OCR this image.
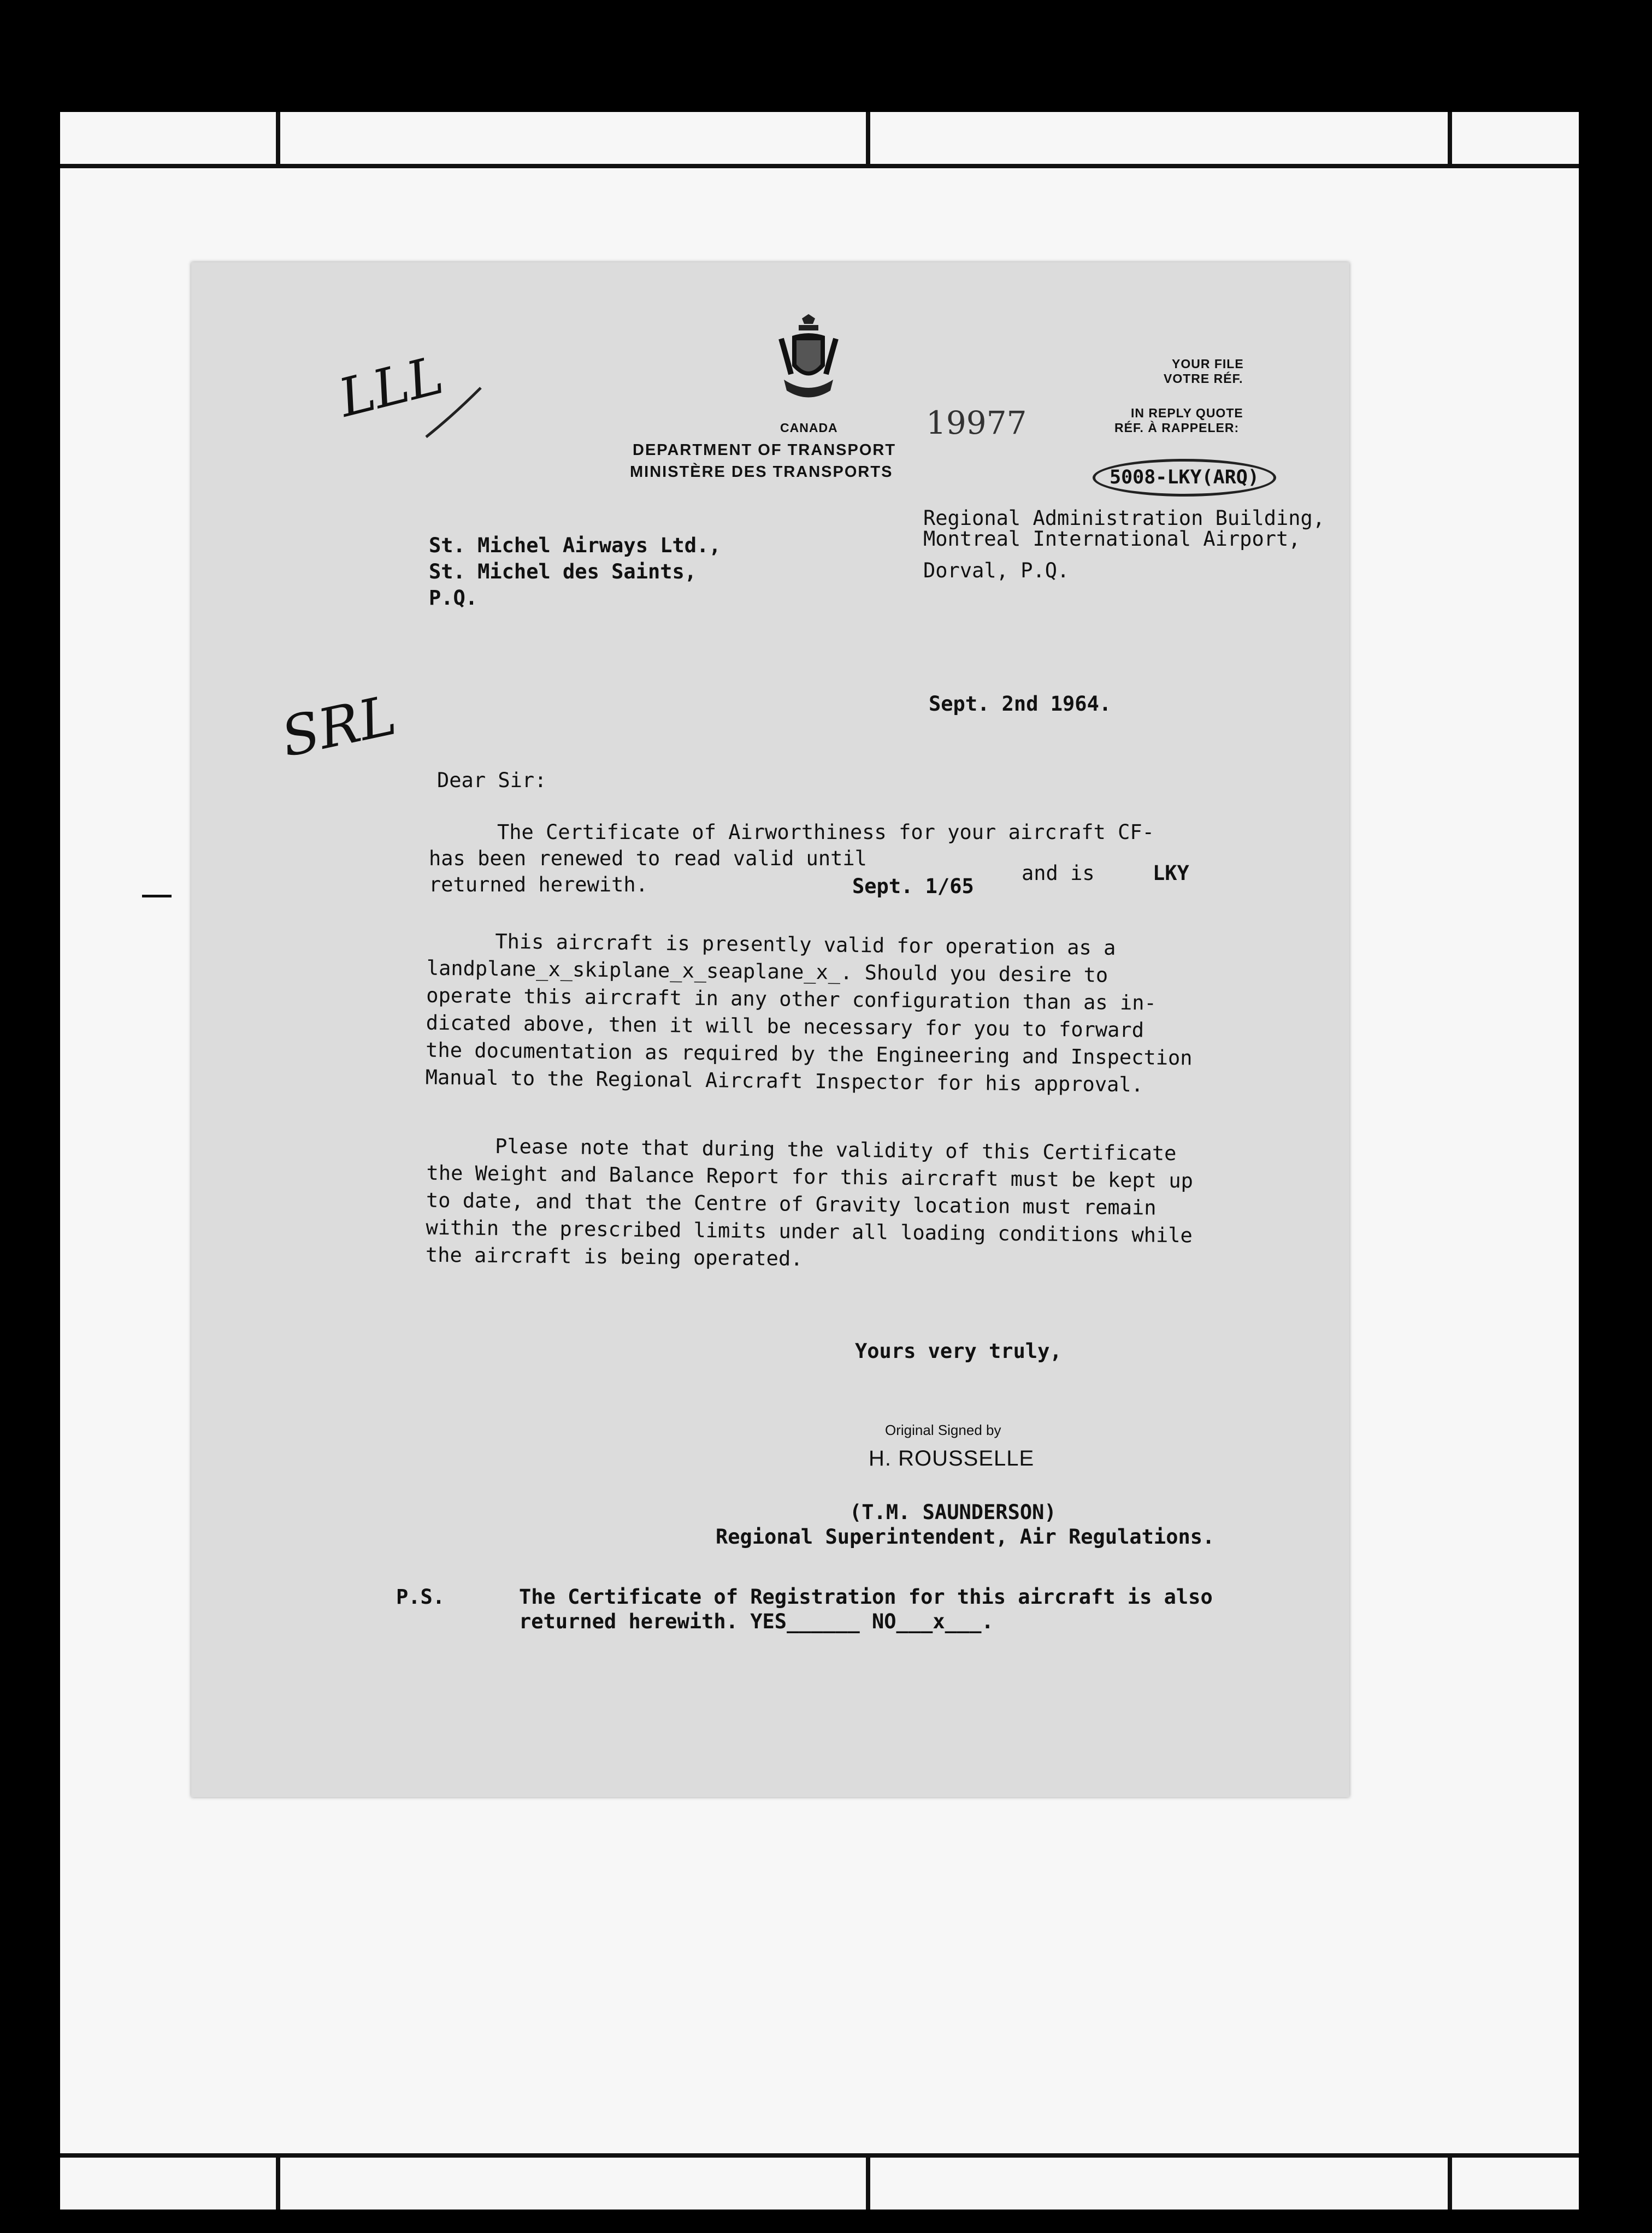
LLL
SRL
CANADA
DEPARTMENT OF TRANSPORT
MINISTÈRE DES TRANSPORTS
19977
YOUR FILE
VOTRE RÉF.
IN REPLY QUOTE
RÉF. À RAPPELER:
5008-LKY(ARQ)
Regional Administration Building,
Montreal International Airport,
Dorval, P.Q.
St. Michel Airways Ltd.,
St. Michel des Saints,
P.Q.
Sept. 2nd 1964.
Dear Sir:
The Certificate of Airworthiness for your aircraft CF-
has been renewed to read valid until
returned herewith.	LKY
and is
Sept. 1/65
This aircraft is presently valid for operation as a
landplane_x_skiplane_x_seaplane_x_. Should you desire to
operate this aircraft in any other configuration than as in-
dicated above, then it will be necessary for you to forward
the documentation as required by the Engineering and Inspection
Manual to the Regional Aircraft Inspector for his approval.
Please note that during the validity of this Certificate
the Weight and Balance Report for this aircraft must be kept up
to date, and that the Centre of Gravity location must remain
within the prescribed limits under all loading conditions while
the aircraft is being operated.
Yours very truly,
Original Signed by
H. ROUSSELLE
(T.M. SAUNDERSON)
Regional Superintendent, Air Regulations.
P.S.	The Certificate of Registration for this aircraft is also
returned herewith. YES______ NO___x___.
